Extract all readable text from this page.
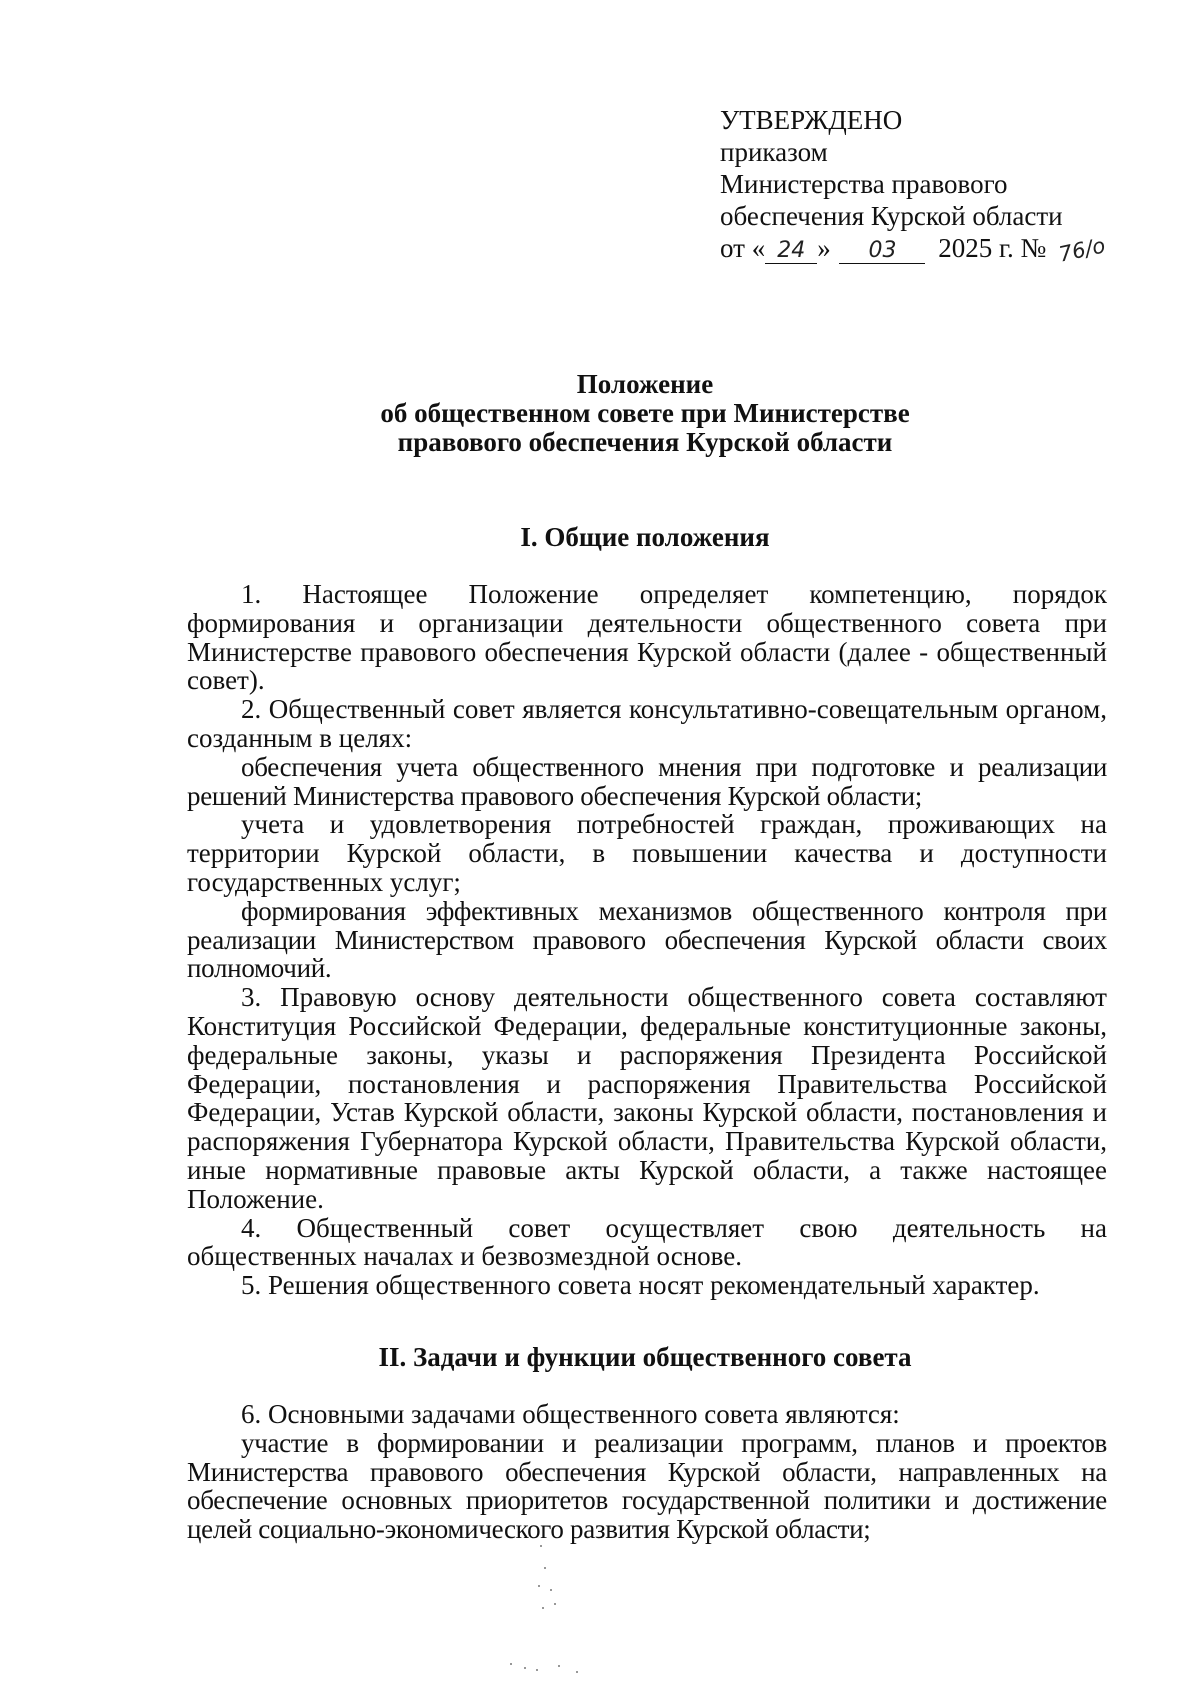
УТВЕРЖДЕНО
приказом
Министерства правового
обеспечения Курской области
от « 24 » 03 2025 г. № 76/о
Положение
об общественном совете при Министерстве
правового обеспечения Курской области
I. Общие положения

1. Настоящее Положение определяет компетенцию, порядок формирования и организации деятельности общественного совета при Министерстве правового обеспечения Курской области (далее - общественный совет).

2. Общественный совет является консультативно-совещательным органом, созданным в целях:

обеспечения учета общественного мнения при подготовке и реализации решений Министерства правового обеспечения Курской области;

учета и удовлетворения потребностей граждан, проживающих на территории Курской области, в повышении качества и доступности государственных услуг;

формирования эффективных механизмов общественного контроля при реализации Министерством правового обеспечения Курской области своих полномочий.

3. Правовую основу деятельности общественного совета составляют Конституция Российской Федерации, федеральные конституционные законы, федеральные законы, указы и распоряжения Президента Российской Федерации, постановления и распоряжения Правительства Российской Федерации, Устав Курской области, законы Курской области, постановления и распоряжения Губернатора Курской области, Правительства Курской области, иные нормативные правовые акты Курской области, а также настоящее Положение.

4. Общественный совет осуществляет свою деятельность на общественных началах и безвозмездной основе.

5. Решения общественного совета носят рекомендательный характер.

II. Задачи и функции общественного совета

6. Основными задачами общественного совета являются:

участие в формировании и реализации программ, планов и проектов Министерства правового обеспечения Курской области, направленных на обеспечение основных приоритетов государственной политики и достижение целей социально-экономического развития Курской области;
